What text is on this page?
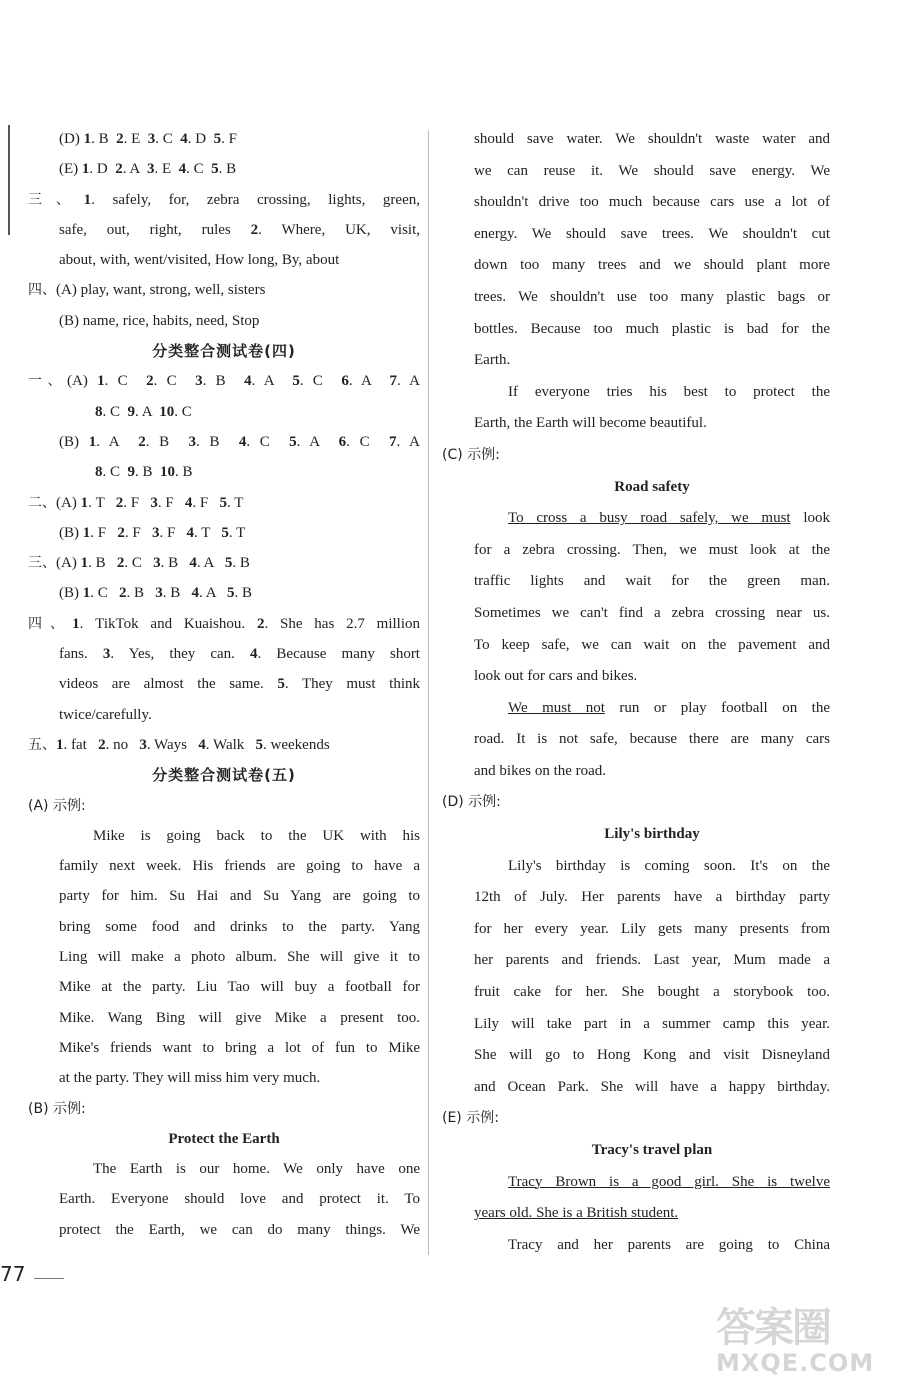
(D) 1. B  2. E  3. C  4. D  5. F
(E) 1. D  2. A  3. E  4. C  5. B
三、1. safely, for, zebra crossing, lights, green,
safe, out, right, rules 2. Where, UK, visit,
about, with, went/visited, How long, By, about
四、(A) play, want, strong, well, sisters
(B) name, rice, habits, need, Stop
分类整合测试卷(四)
一、(A) 1. C  2. C  3. B  4. A  5. C  6. A  7. A
8. C  9. A  10. C
(B) 1. A  2. B  3. B  4. C  5. A  6. C  7. A
8. C  9. B  10. B
二、(A) 1. T   2. F   3. F   4. F   5. T
(B) 1. F   2. F   3. F   4. T   5. T
三、(A) 1. B   2. C   3. B   4. A   5. B
(B) 1. C   2. B   3. B   4. A   5. B
四、1. TikTok and Kuaishou. 2. She has 2.7 million
fans. 3. Yes, they can. 4. Because many short
videos are almost the same. 5. They must think
twice/carefully.
五、1. fat   2. no   3. Ways   4. Walk   5. weekends
分类整合测试卷(五)
(A) 示例:
Mike is going back to the UK with his
family next week. His friends are going to have a
party for him. Su Hai and Su Yang are going to
bring some food and drinks to the party. Yang
Ling will make a photo album. She will give it to
Mike at the party. Liu Tao will buy a football for
Mike. Wang Bing will give Mike a present too.
Mike's friends want to bring a lot of fun to Mike
at the party. They will miss him very much.
(B) 示例:
Protect the Earth
The Earth is our home. We only have one
Earth. Everyone should love and protect it. To
protect the Earth, we can do many things. We
should save water. We shouldn't waste water and
we can reuse it. We should save energy. We
shouldn't drive too much because cars use a lot of
energy. We should save trees. We shouldn't cut
down too many trees and we should plant more
trees. We shouldn't use too many plastic bags or
bottles. Because too much plastic is bad for the
Earth.
If everyone tries his best to protect the
Earth, the Earth will become beautiful.
(C) 示例:
Road safety
To cross a busy road safely, we must look
for a zebra crossing. Then, we must look at the
traffic lights and wait for the green man.
Sometimes we can't find a zebra crossing near us.
To keep safe, we can wait on the pavement and
look out for cars and bikes.
We must not run or play football on the
road. It is not safe, because there are many cars
and bikes on the road.
(D) 示例:
Lily's birthday
Lily's birthday is coming soon. It's on the
12th of July. Her parents have a birthday party
for her every year. Lily gets many presents from
her parents and friends. Last year, Mum made a
fruit cake for her. She bought a storybook too.
Lily will take part in a summer camp this year.
She will go to Hong Kong and visit Disneyland
and Ocean Park. She will have a happy birthday.
(E) 示例:
Tracy's travel plan
Tracy Brown is a good girl. She is twelve
years old. She is a British student.
Tracy and her parents are going to China
77
答案圈
MXQE.COM
